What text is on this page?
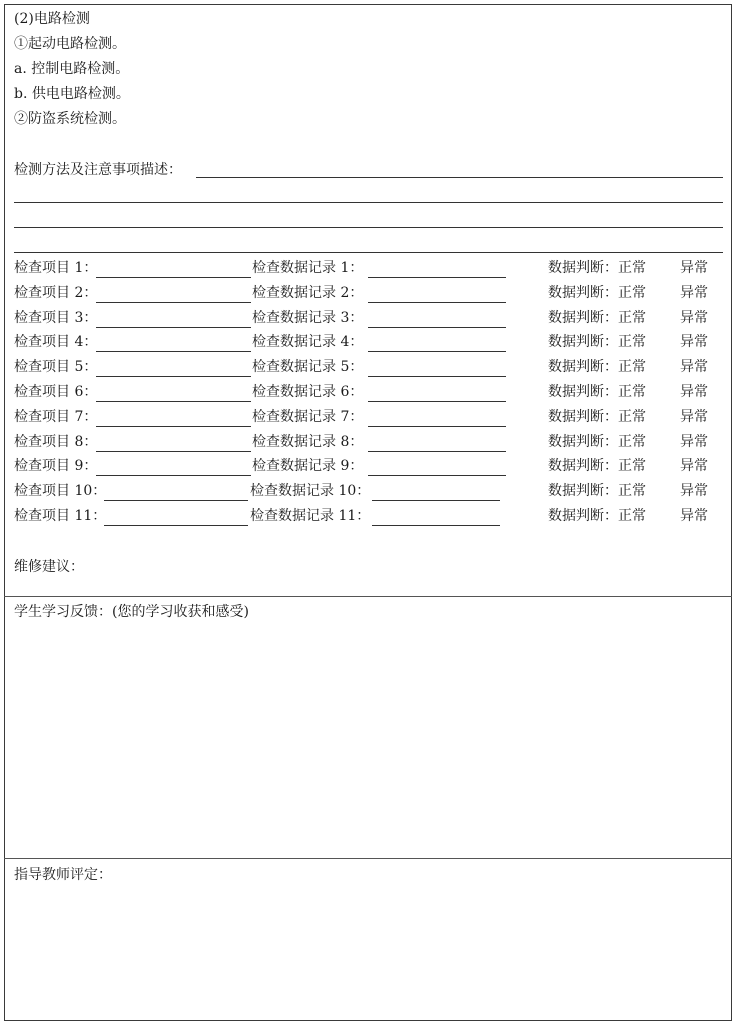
(2)电路检测
①起动电路检测。
a. 控制电路检测。
b. 供电电路检测。
②防盗系统检测。
检测方法及注意事项描述：
检查项目 1：	检查数据记录 1：	数据判断：正常 异常
检查项目 2：	检查数据记录 2：	数据判断：正常 异常
检查项目 3：	检查数据记录 3：	数据判断：正常 异常
检查项目 4：	检查数据记录 4：	数据判断：正常 异常
检查项目 5：	检查数据记录 5：	数据判断：正常 异常
检查项目 6：	检查数据记录 6：	数据判断：正常 异常
检查项目 7：	检查数据记录 7：	数据判断：正常 异常
检查项目 8：	检查数据记录 8：	数据判断：正常 异常
检查项目 9：	检查数据记录 9：	数据判断：正常 异常
检查项目 10：	检查数据记录 10：	数据判断：正常 异常
检查项目 11：	检查数据记录 11：	数据判断：正常 异常
维修建议：
学生学习反馈：(您的学习收获和感受)
指导教师评定：
